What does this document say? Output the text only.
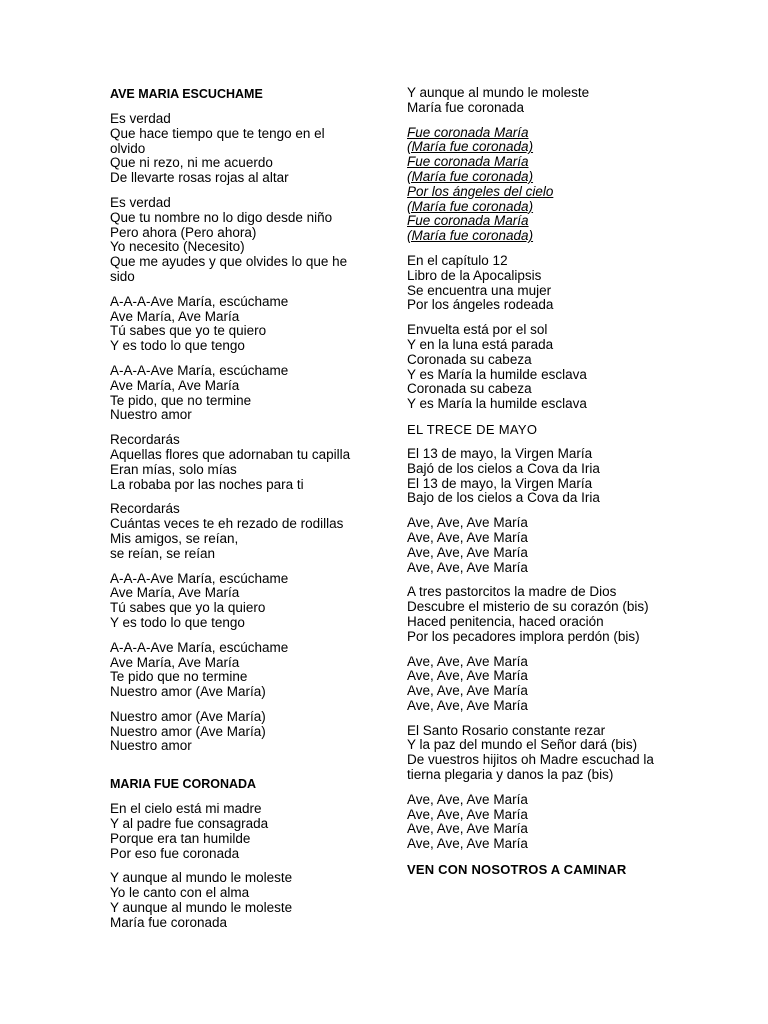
AVE MARIA ESCUCHAME
Es verdad
Que hace tiempo que te tengo en el
olvido
Que ni rezo, ni me acuerdo
De llevarte rosas rojas al altar
Es verdad
Que tu nombre no lo digo desde niño
Pero ahora (Pero ahora)
Yo necesito (Necesito)
Que me ayudes y que olvides lo que he
sido
A-A-A-Ave María, escúchame
Ave María, Ave María
Tú sabes que yo te quiero
Y es todo lo que tengo
A-A-A-Ave María, escúchame
Ave María, Ave María
Te pido, que no termine
Nuestro amor
Recordarás
Aquellas flores que adornaban tu capilla
Eran mías, solo mías
La robaba por las noches para ti
Recordarás
Cuántas veces te eh rezado de rodillas
Mis amigos, se reían,
se reían, se reían
A-A-A-Ave María, escúchame
Ave María, Ave María
Tú sabes que yo la quiero
Y es todo lo que tengo
A-A-A-Ave María, escúchame
Ave María, Ave María
Te pido que no termine
Nuestro amor (Ave María)
Nuestro amor (Ave María)
Nuestro amor (Ave María)
Nuestro amor
MARIA FUE CORONADA
En el cielo está mi madre
Y al padre fue consagrada
Porque era tan humilde
Por eso fue coronada
Y aunque al mundo le moleste
Yo le canto con el alma
Y aunque al mundo le moleste
María fue coronada
Y aunque al mundo le moleste
María fue coronada
Fue coronada María
(María fue coronada)
Fue coronada María
(María fue coronada)
Por los ángeles del cielo
(María fue coronada)
Fue coronada María
(María fue coronada)
En el capítulo 12
Libro de la Apocalipsis
Se encuentra una mujer
Por los ángeles rodeada
Envuelta está por el sol
Y en la luna está parada
Coronada su cabeza
Y es María la humilde esclava
Coronada su cabeza
Y es María la humilde esclava
EL TRECE DE MAYO
El 13 de mayo, la Virgen María
Bajó de los cielos a Cova da Iria
El 13 de mayo, la Virgen María
Bajo de los cielos a Cova da Iria
Ave, Ave, Ave María
Ave, Ave, Ave María
Ave, Ave, Ave María
Ave, Ave, Ave María
A tres pastorcitos la madre de Dios
Descubre el misterio de su corazón (bis)
Haced penitencia, haced oración
Por los pecadores implora perdón (bis)
Ave, Ave, Ave María
Ave, Ave, Ave María
Ave, Ave, Ave María
Ave, Ave, Ave María
El Santo Rosario constante rezar
Y la paz del mundo el Señor dará (bis)
De vuestros hijitos oh Madre escuchad la
tierna plegaria y danos la paz (bis)
Ave, Ave, Ave María
Ave, Ave, Ave María
Ave, Ave, Ave María
Ave, Ave, Ave María
VEN CON NOSOTROS A CAMINAR
